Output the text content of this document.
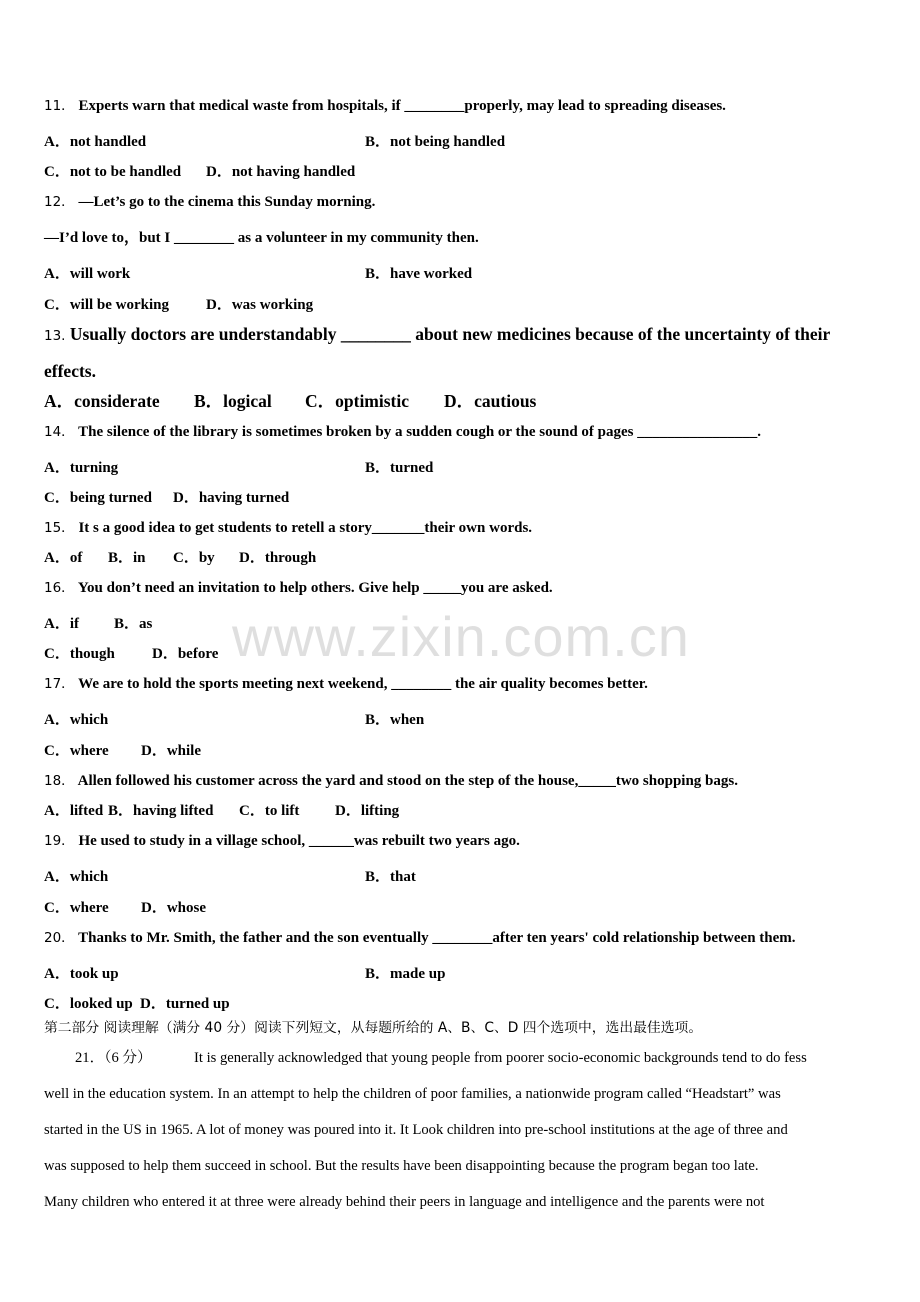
www.zixin.com.cn
11． Experts warn that medical waste from hospitals, if ________properly, may lead to spreading diseases.
A．not handled	B．not being handled
C．not to be handled D．not having handled
12． —Let’s go to the cinema this Sunday morning.
—I’d love to，but I ________ as a volunteer in my community then.
A．will work	B．have worked
C．will be working D．was working
13. Usually doctors are understandably ________ about new medicines because of the uncertainty of their
effects.
A．considerate B．logical C．optimistic D．cautious
14． The silence of the library is sometimes broken by a sudden cough or the sound of pages ________________.
A．turning	B．turned
C．being turned D．having turned
15． It s a good idea to get students to retell a story_______their own words.
A．of B．in C．by D．through
16． You don’t need an invitation to help others. Give help _____you are asked.
A．if B．as
C．though D．before
17． We are to hold the sports meeting next weekend, ________ the air quality becomes better.
A．which	B．when
C．where D．while
18． Allen followed his customer across the yard and stood on the step of the house,_____two shopping bags.
A．lifted B．having lifted C．to lift D．lifting
19． He used to study in a village school, ______was rebuilt two years ago.
A．which	B．that
C．where D．whose
20． Thanks to Mr. Smith, the father and the son eventually ________after ten years' cold relationship between them.
A．took up	B．made up
C．looked up D．turned up
第二部分 阅读理解（满分 40 分）阅读下列短文，从每题所给的 A、B、C、D 四个选项中，选出最佳选项。
21．（6 分）	It is generally acknowledged that young people from poorer socio-economic backgrounds tend to do fess
well in the education system. In an attempt to help the children of poor families, a nationwide program called “Headstart” was
started in the US in 1965. A lot of money was poured into it. It Look children into pre-school institutions at the age of three and
was supposed to help them succeed in school. But the results have been disappointing because the program began too late.
Many children who entered it at three were already behind their peers in language and intelligence and the parents were not
